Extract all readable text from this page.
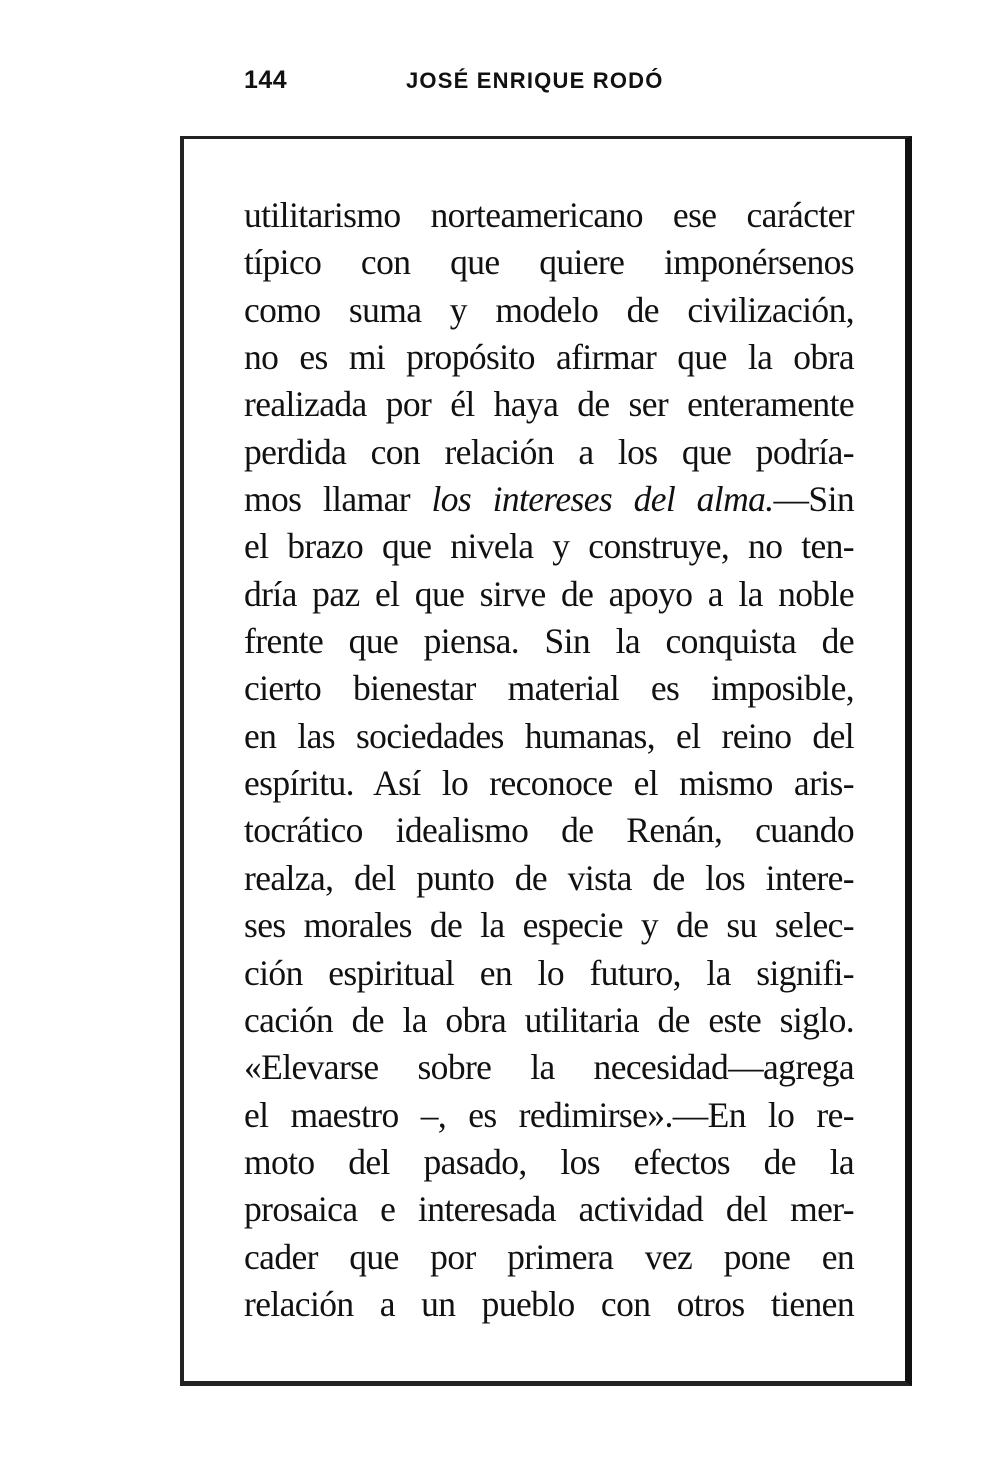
144	JOSÉ ENRIQUE RODÓ
utilitarismo norteamericano ese carácter
típico con que quiere imponérsenos
como suma y modelo de civilización,
no es mi propósito afirmar que la obra
realizada por él haya de ser enteramente
perdida con relación a los que podría-
mos llamar los intereses del alma.—Sin
el brazo que nivela y construye, no ten-
dría paz el que sirve de apoyo a la noble
frente que piensa. Sin la conquista de
cierto bienestar material es imposible,
en las sociedades humanas, el reino del
espíritu. Así lo reconoce el mismo aris-
tocrático idealismo de Renán, cuando
realza, del punto de vista de los intere-
ses morales de la especie y de su selec-
ción espiritual en lo futuro, la signifi-
cación de la obra utilitaria de este siglo.
«Elevarse sobre la necesidad—agrega
el maestro –, es redimirse».—En lo re-
moto del pasado, los efectos de la
prosaica e interesada actividad del mer-
cader que por primera vez pone en
relación a un pueblo con otros tienen
